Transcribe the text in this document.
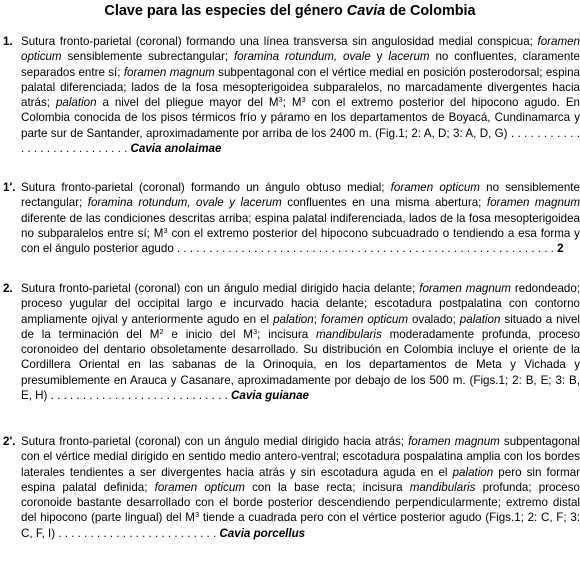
Clave para las especies del género Cavia de Colombia
1. Sutura fronto-parietal (coronal) formando una línea transversa sin angulosidad medial conspicua; foramen opticum sensiblemente subrectangular; foramina rotundum, ovale y lacerum no confluentes, claramente separados entre sí; foramen magnum subpentagonal con el vértice medial en posición posterodorsal; espina palatal diferenciada; lados de la fosa mesopterigoidea subparalelos, no marcadamente divergentes hacia atrás; palation a nivel del pliegue mayor del $M^3$; $M^3$ con el extremo posterior del hipocono agudo. En Colombia conocida de los pisos térmicos frío y páramo en los departamentos de Boyacá, Cundinamarca y parte sur de Santander, aproximadamente por arriba de los 2400 m. (Fig.1; 2: A, D; 3: A, D, G) . . . . . . . . . . . . . . . . . . . . . . . . . . . . Cavia anolaimae
1'. Sutura fronto-parietal (coronal) formando un ángulo obtuso medial; foramen opticum no sensiblemente rectangular; foramina rotundum, ovale y lacerum confluentes en una misma abertura; foramen magnum diferente de las condiciones descritas arriba; espina palatal indiferenciada, lados de la fosa mesopterigoidea no subparalelos entre sí; $M^3$ con el extremo posterior del hipocono subcuadrado o tendiendo a esa forma y con el ángulo posterior agudo . . . . . . . . . . . . . . . . . . . . . . . . . . . . . . . . . . . . . . . . . . . . . . . . . . . . . . . . . . . 2
2. Sutura fronto-parietal (coronal) con un ángulo medial dirigido hacia delante; foramen magnum redondeado; proceso yugular del occipital largo e incurvado hacia delante; escotadura postpalatina con contorno ampliamente ojival y anteriormente agudo en el palation; foramen opticum ovalado; palation situado a nivel de la terminación del $M^2$ e inicio del $M^3$; incisura mandibularis moderadamente profunda, proceso coronoideo del dentario obsoletamente desarrollado. Su distribución en Colombia incluye el oriente de la Cordillera Oriental en las sabanas de la Orinoquia, en los departamentos de Meta y Vichada y presumiblemente en Arauca y Casanare, aproximadamente por debajo de los 500 m. (Figs.1; 2: B, E; 3: B, E, H) . . . . . . . . . . . . . . . . . . . . . . . . . . . . Cavia guianae
2'. Sutura fronto-parietal (coronal) con un ángulo medial dirigido hacia atrás; foramen magnum subpentagonal con el vértice medial dirigido en sentido medio antero-ventral; escotadura pospalatina amplia con los bordes laterales tendientes a ser divergentes hacia atrás y sin escotadura aguda en el palation pero sin formar espina palatal definida; foramen opticum con la base recta; incisura mandibularis profunda; proceso coronoide bastante desarrollado con el borde posterior descendiendo perpendicularmente; extremo distal del hipocono (parte lingual) del $M^3$ tiende a cuadrada pero con el vértice posterior agudo (Figs.1; 2: C, F; 3: C, F, I) . . . . . . . . . . . . . . . . . . . . . . . . . Cavia porcellus
